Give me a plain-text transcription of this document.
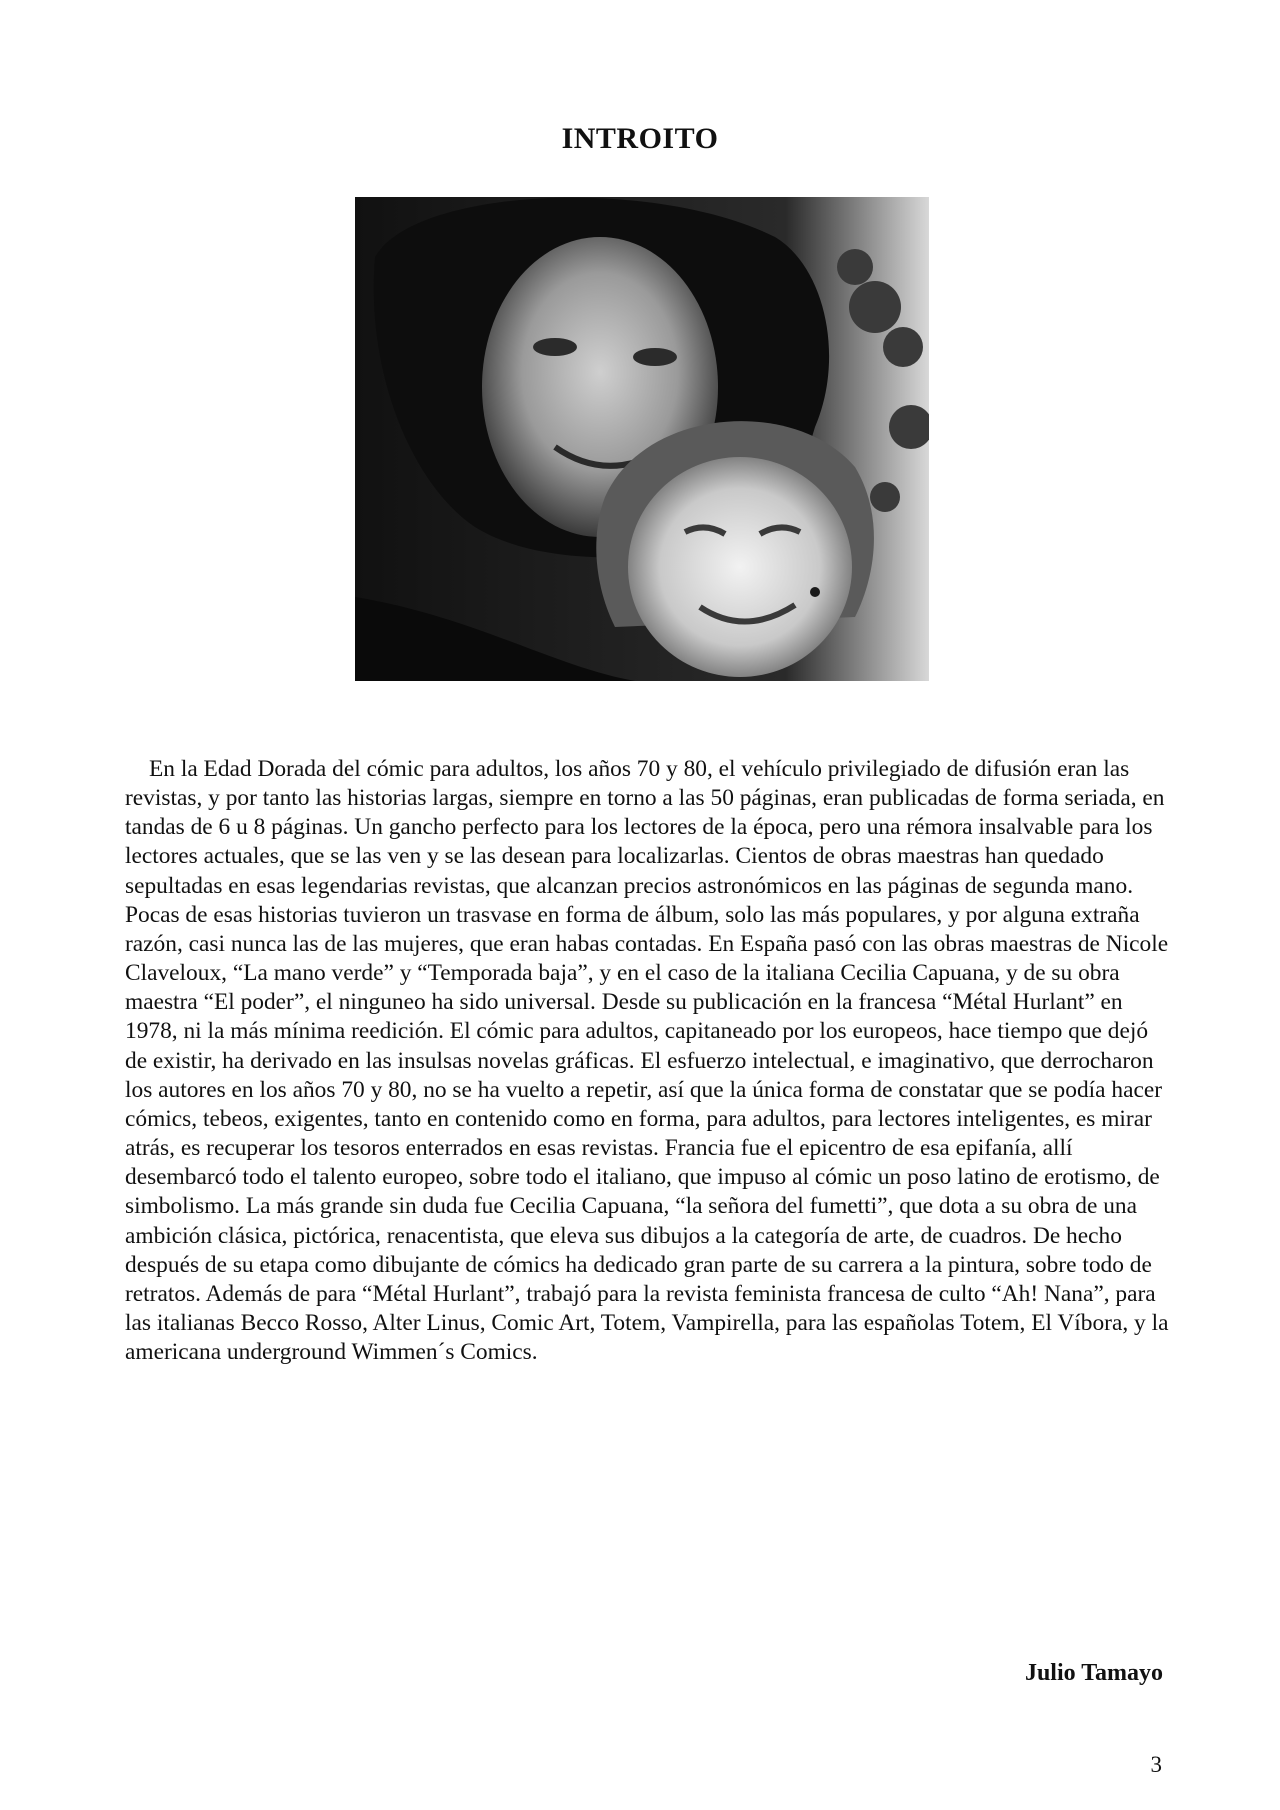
INTROITO

En la Edad Dorada del cómic para adultos, los años 70 y 80, el vehículo privilegiado de difusión eran las revistas, y por tanto las historias largas, siempre en torno a las 50 páginas, eran publicadas de forma seriada, en tandas de 6 u 8 páginas. Un gancho perfecto para los lectores de la época, pero una rémora insalvable para los lectores actuales, que se las ven y se las desean para localizarlas. Cientos de obras maestras han quedado sepultadas en esas legendarias revistas, que alcanzan precios astronómicos en las páginas de segunda mano. Pocas de esas historias tuvieron un trasvase en forma de álbum, solo las más populares, y por alguna extraña razón, casi nunca las de las mujeres, que eran habas contadas. En España pasó con las obras maestras de Nicole Claveloux, “La mano verde” y “Temporada baja”, y en el caso de la italiana Cecilia Capuana, y de su obra maestra “El poder”, el ninguneo ha sido universal. Desde su publicación en la francesa “Métal Hurlant” en 1978, ni la más mínima reedición. El cómic para adultos, capitaneado por los europeos, hace tiempo que dejó de existir, ha derivado en las insulsas novelas gráficas. El esfuerzo intelectual, e imaginativo, que derrocharon los autores en los años 70 y 80, no se ha vuelto a repetir, así que la única forma de constatar que se podía hacer cómics, tebeos, exigentes, tanto en contenido como en forma, para adultos, para lectores inteligentes, es mirar atrás, es recuperar los tesoros enterrados en esas revistas. Francia fue el epicentro de esa epifanía, allí desembarcó todo el talento europeo, sobre todo el italiano, que impuso al cómic un poso latino de erotismo, de simbolismo. La más grande sin duda fue Cecilia Capuana, “la señora del fumetti”, que dota a su obra de una ambición clásica, pictórica, renacentista, que eleva sus dibujos a la categoría de arte, de cuadros. De hecho después de su etapa como dibujante de cómics ha dedicado gran parte de su carrera a la pintura, sobre todo de retratos. Además de para “Métal Hurlant”, trabajó para la revista feminista francesa de culto “Ah! Nana”, para las italianas Becco Rosso, Alter Linus, Comic Art, Totem, Vampirella, para las españolas Totem, El Víbora, y la americana underground Wimmen´s Comics.

Julio Tamayo
3
